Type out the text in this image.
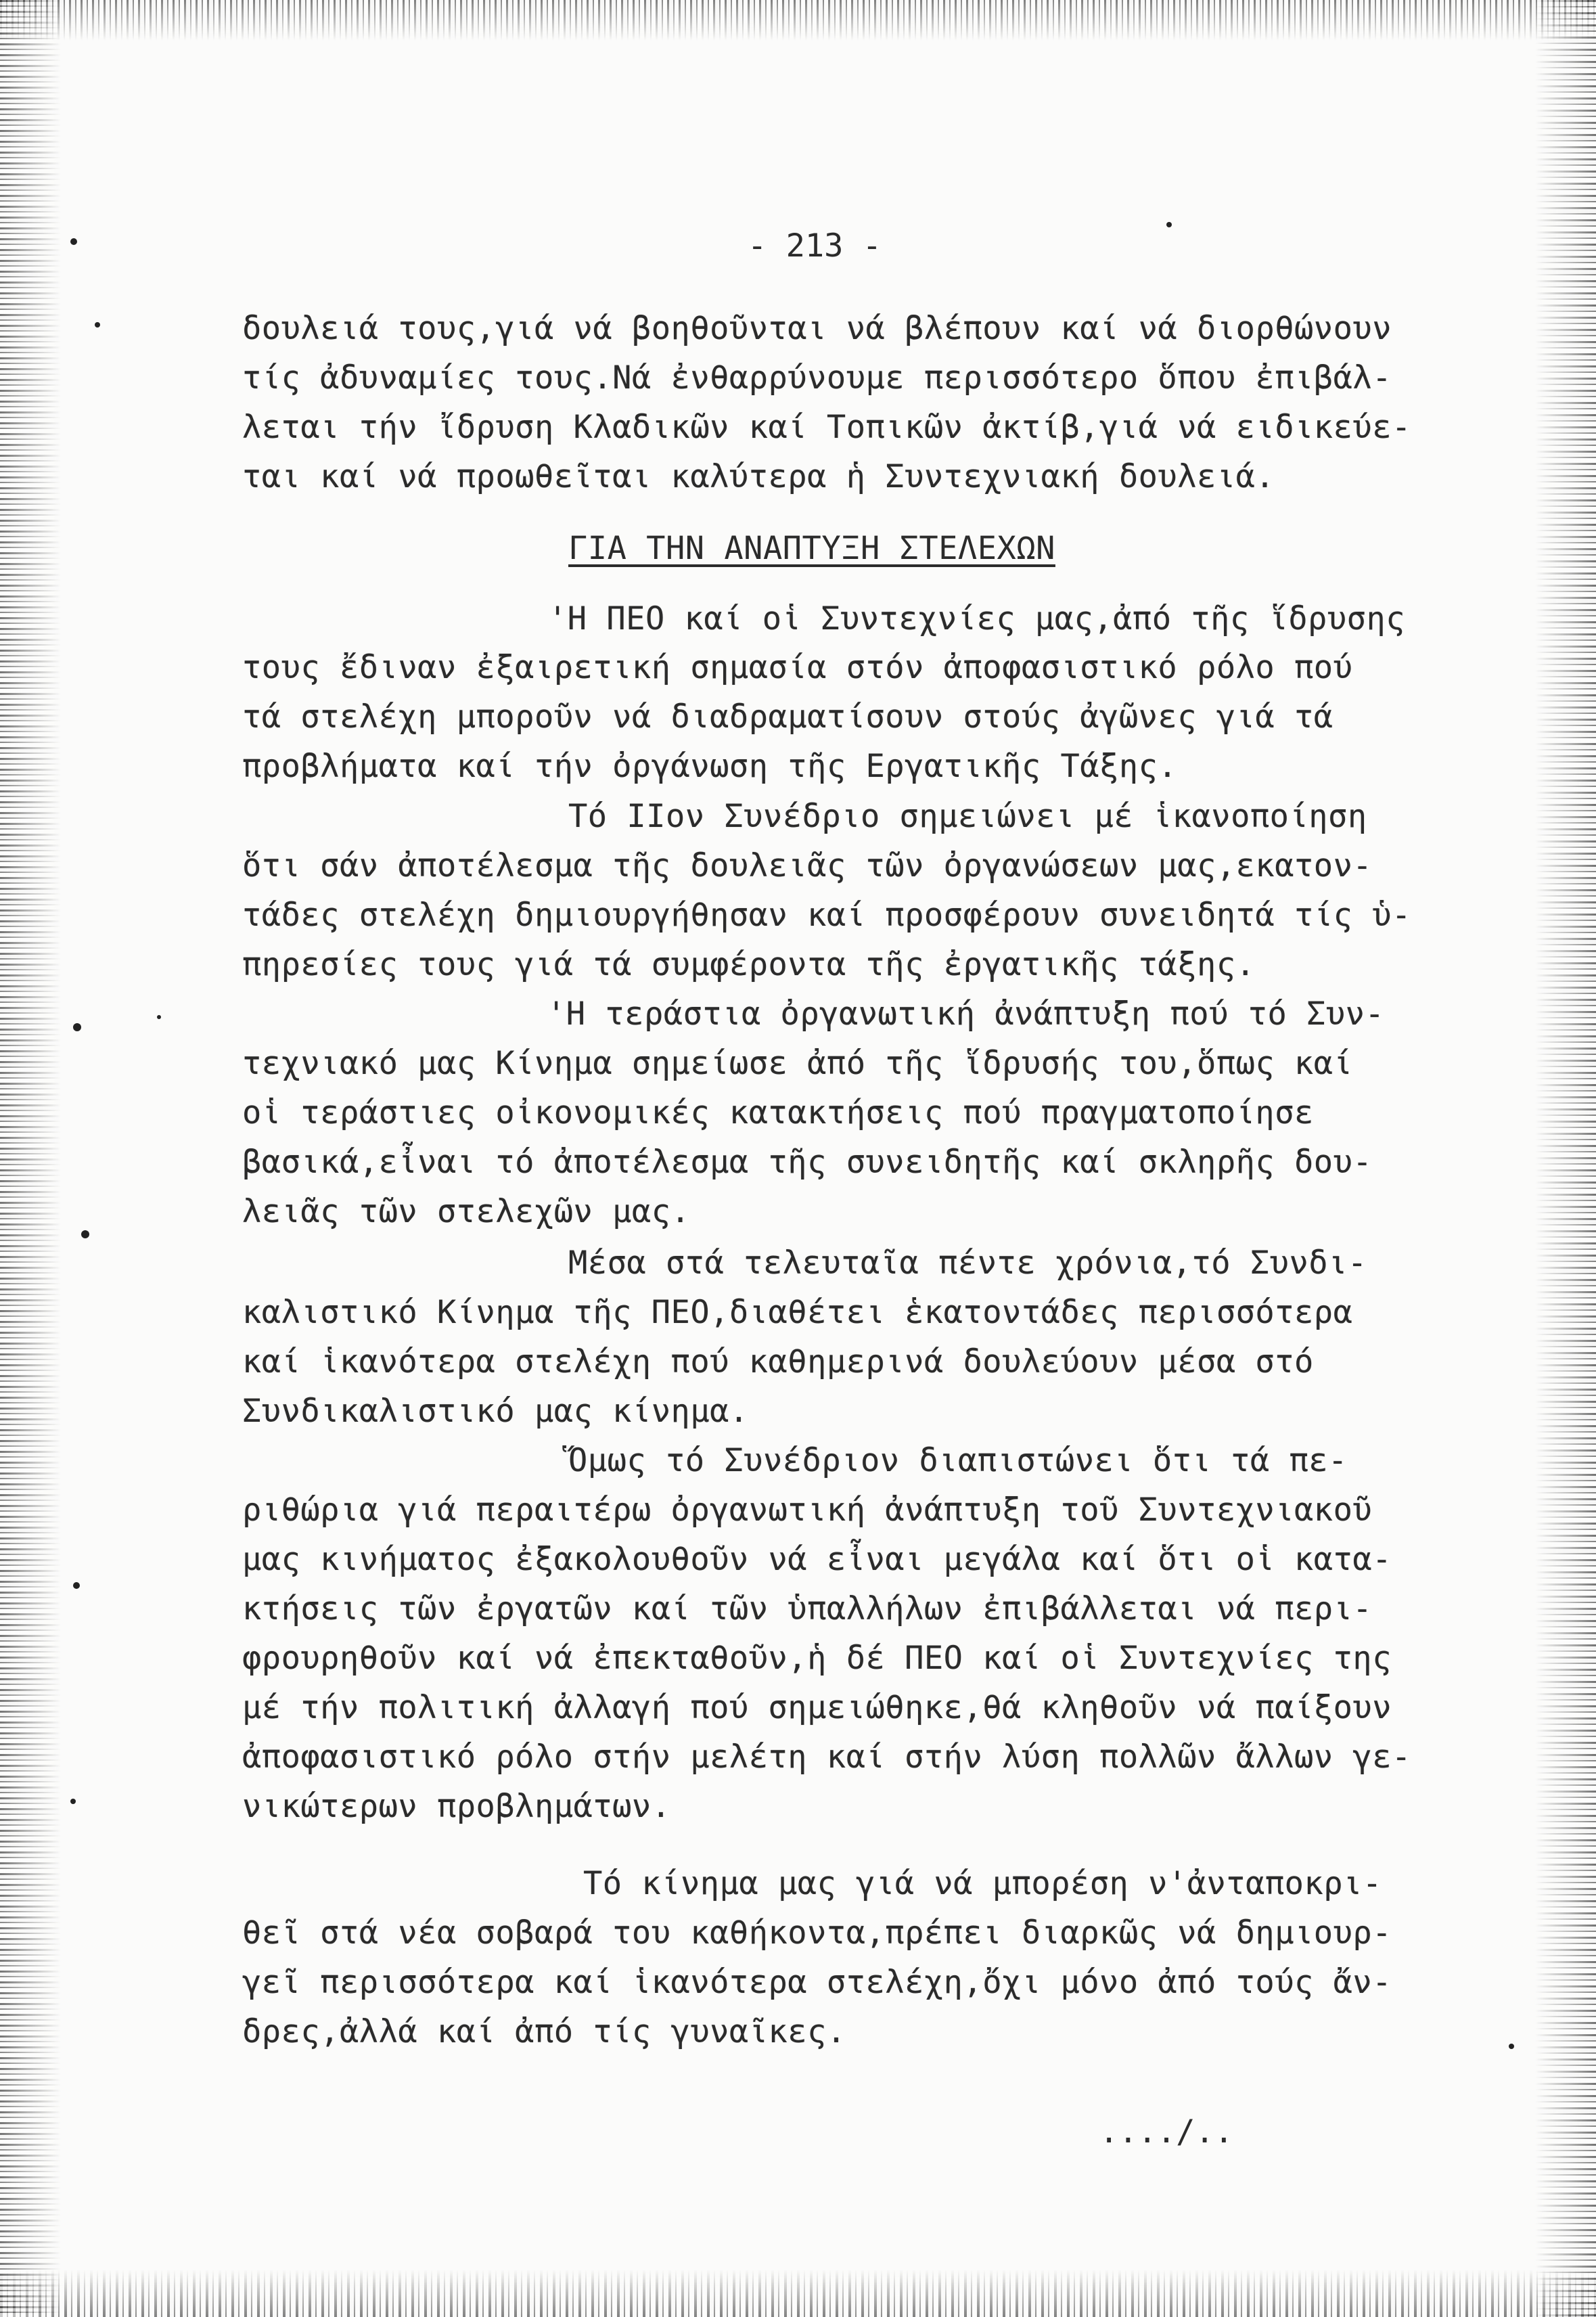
- 213 -
δουλειά τους,γιά νά βοηθοῦνται νά βλέπουν καί νά διορθώνουν
τίς ἀδυναμίες τους.Νά ἐνθαρρύνουμε περισσότερο ὅπου ἐπιβάλ-
λεται τήν ἴδρυση Κλαδικῶν καί Τοπικῶν ἀκτίβ,γιά νά ειδικεύε-
ται καί νά προωθεῖται καλύτερα ἡ Συντεχνιακή δουλειά.
ΓΙΑ ΤΗΝ ΑΝΑΠΤΥΞΗ ΣΤΕΛΕΧΩΝ
'Η ΠΕΟ καί οἱ Συντεχνίες μας,ἀπό τῆς ἵδρυσης
τους ἔδιναν ἐξαιρετική σημασία στόν ἀποφασιστικό ρόλο πού
τά στελέχη μποροῦν νά διαδραματίσουν στούς ἀγῶνες γιά τά
προβλήματα καί τήν ὀργάνωση τῆς Εργατικῆς Τάξης.
Τό ΙΙον Συνέδριο σημειώνει μέ ἱκανοποίηση
ὅτι σάν ἀποτέλεσμα τῆς δουλειᾶς τῶν ὀργανώσεων μας,εκατον-
τάδες στελέχη δημιουργήθησαν καί προσφέρουν συνειδητά τίς ὑ-
πηρεσίες τους γιά τά συμφέροντα τῆς ἐργατικῆς τάξης.
'Η τεράστια ὀργανωτική ἀνάπτυξη πού τό Συν-
τεχνιακό μας Κίνημα σημείωσε ἀπό τῆς ἵδρυσής του,ὅπως καί
οἱ τεράστιες οἰκονομικές κατακτήσεις πού πραγματοποίησε
βασικά,εἶναι τό ἀποτέλεσμα τῆς συνειδητῆς καί σκληρῆς δου-
λειᾶς τῶν στελεχῶν μας.
Μέσα στά τελευταῖα πέντε χρόνια,τό Συνδι-
καλιστικό Κίνημα τῆς ΠΕΟ,διαθέτει ἑκατοντάδες περισσότερα
καί ἱκανότερα στελέχη πού καθημερινά δουλεύουν μέσα στό
Συνδικαλιστικό μας κίνημα.
Ὅμως τό Συνέδριον διαπιστώνει ὅτι τά πε-
ριθώρια γιά περαιτέρω ὀργανωτική ἀνάπτυξη τοῦ Συντεχνιακοῦ
μας κινήματος ἐξακολουθοῦν νά εἶναι μεγάλα καί ὅτι οἱ κατα-
κτήσεις τῶν ἐργατῶν καί τῶν ὑπαλλήλων ἐπιβάλλεται νά περι-
φρουρηθοῦν καί νά ἐπεκταθοῦν,ἡ δέ ΠΕΟ καί οἱ Συντεχνίες της
μέ τήν πολιτική ἀλλαγή πού σημειώθηκε,θά κληθοῦν νά παίξουν
ἀποφασιστικό ρόλο στήν μελέτη καί στήν λύση πολλῶν ἄλλων γε-
νικώτερων προβλημάτων.
Τό κίνημα μας γιά νά μπορέση ν'ἀνταποκρι-
θεῖ στά νέα σοβαρά του καθήκοντα,πρέπει διαρκῶς νά δημιουρ-
γεῖ περισσότερα καί ἱκανότερα στελέχη,ὄχι μόνο ἀπό τούς ἄν-
δρες,ἀλλά καί ἀπό τίς γυναῖκες.
..../..
